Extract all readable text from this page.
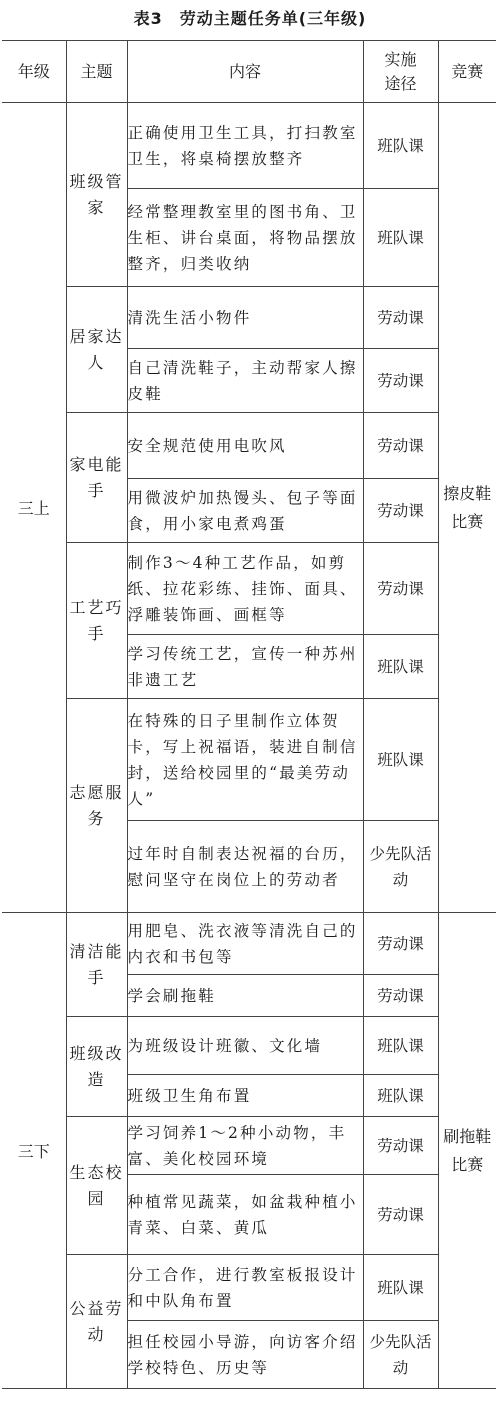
表3　劳动主题任务单(三年级)
年级	主题	内容	实施途径	竞赛
三上	班级管家	正确使用卫生工具，打扫教室卫生，将桌椅摆放整齐	班队课	擦皮鞋比赛
		经常整理教室里的图书角、卫生柜、讲台桌面，将物品摆放整齐，归类收纳	班队课	
	居家达人	清洗生活小物件	劳动课	
		自己清洗鞋子，主动帮家人擦皮鞋	劳动课	
	家电能手	安全规范使用电吹风	劳动课	
		用微波炉加热馒头、包子等面食，用小家电煮鸡蛋	劳动课	
	工艺巧手	制作3～4种工艺作品，如剪纸、拉花彩练、挂饰、面具、浮雕装饰画、画框等	劳动课	
		学习传统工艺，宣传一种苏州非遗工艺	班队课	
	志愿服务	在特殊的日子里制作立体贺卡，写上祝福语，装进自制信封，送给校园里的“最美劳动人”	班队课	
		过年时自制表达祝福的台历，慰问坚守在岗位上的劳动者	少先队活动	
三下	清洁能手	用肥皂、洗衣液等清洗自己的内衣和书包等	劳动课	刷拖鞋比赛
		学会刷拖鞋	劳动课	
	班级改造	为班级设计班徽、文化墙	班队课	
		班级卫生角布置	班队课	
	生态校园	学习饲养1～2种小动物，丰富、美化校园环境	劳动课	
		种植常见蔬菜，如盆栽种植小青菜、白菜、黄瓜	劳动课	
	公益劳动	分工合作，进行教室板报设计和中队角布置	班队课	
		担任校园小导游，向访客介绍学校特色、历史等	少先队活动	
